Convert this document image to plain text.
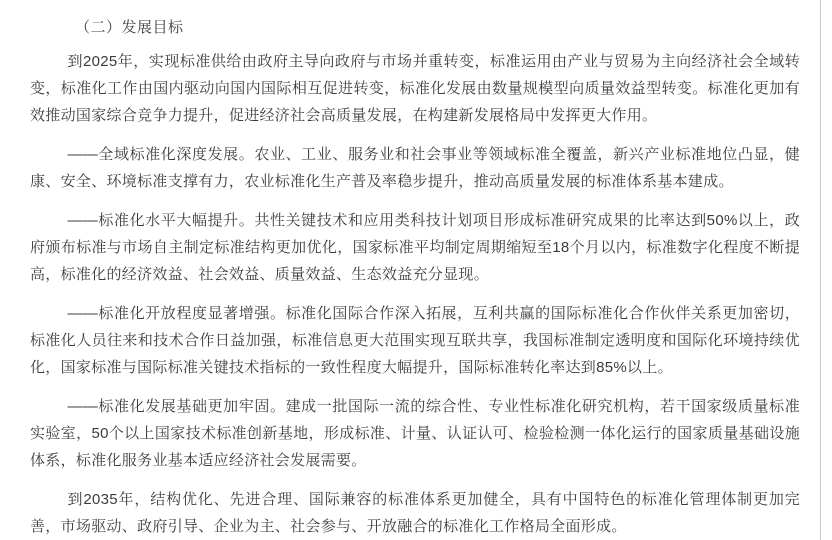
（二）发展目标

到2025年，实现标准供给由政府主导向政府与市场并重转变，标准运用由产业与贸易为主向经济社会全域转变，标准化工作由国内驱动向国内国际相互促进转变，标准化发展由数量规模型向质量效益型转变。标准化更加有效推动国家综合竞争力提升，促进经济社会高质量发展，在构建新发展格局中发挥更大作用。

——全域标准化深度发展。农业、工业、服务业和社会事业等领域标准全覆盖，新兴产业标准地位凸显，健康、安全、环境标准支撑有力，农业标准化生产普及率稳步提升，推动高质量发展的标准体系基本建成。

——标准化水平大幅提升。共性关键技术和应用类科技计划项目形成标准研究成果的比率达到50%以上，政府颁布标准与市场自主制定标准结构更加优化，国家标准平均制定周期缩短至18个月以内，标准数字化程度不断提高，标准化的经济效益、社会效益、质量效益、生态效益充分显现。

——标准化开放程度显著增强。标准化国际合作深入拓展，互利共赢的国际标准化合作伙伴关系更加密切，标准化人员往来和技术合作日益加强，标准信息更大范围实现互联共享，我国标准制定透明度和国际化环境持续优化，国家标准与国际标准关键技术指标的一致性程度大幅提升，国际标准转化率达到85%以上。

——标准化发展基础更加牢固。建成一批国际一流的综合性、专业性标准化研究机构，若干国家级质量标准实验室，50个以上国家技术标准创新基地，形成标准、计量、认证认可、检验检测一体化运行的国家质量基础设施体系，标准化服务业基本适应经济社会发展需要。

到2035年，结构优化、先进合理、国际兼容的标准体系更加健全，具有中国特色的标准化管理体制更加完善，市场驱动、政府引导、企业为主、社会参与、开放融合的标准化工作格局全面形成。
